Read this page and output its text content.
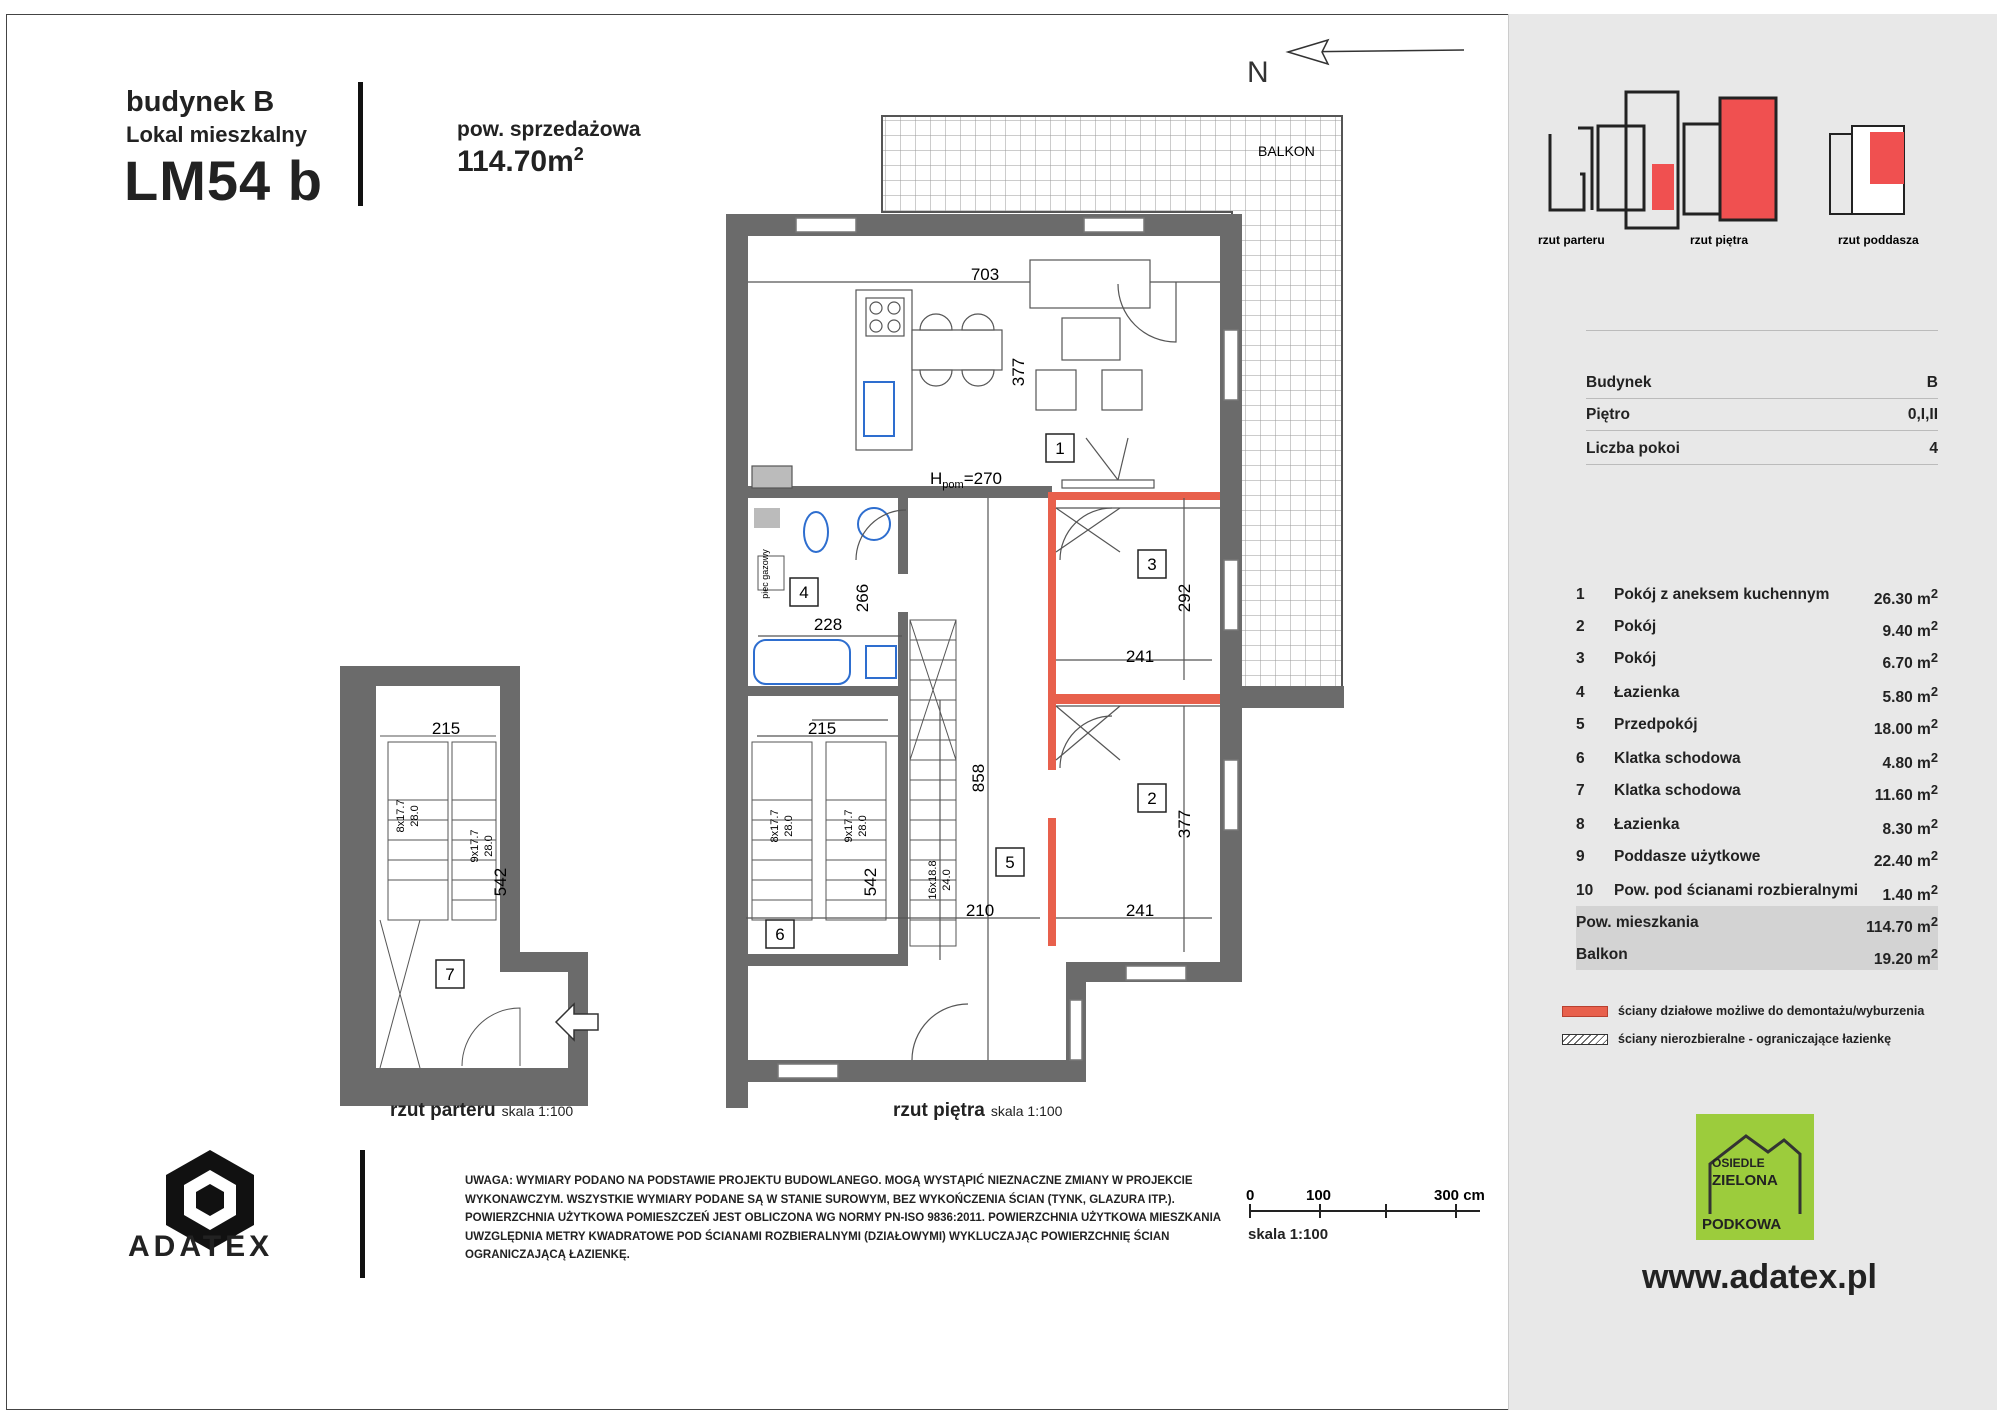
budynek B
Lokal mieszkalny
LM54 b
pow. sprzedażowa
$114.70m^2$
N
BALKON
1
2
3
4
5
6
7
703
377
$H_{pom}=270$
292
241
241
377
228
266
858
210
215	215
542	542
8x17.7 28.0
9x17.7 28.0
8x17.7 28.0	9x17.7 28.0
16x18.8 24.0
piec gazowy
0	100	300 cm
rzut parteru skala 1:100	rzut piętra skala 1:100
ADATEX
UWAGA: WYMIARY PODANO NA PODSTAWIE PROJEKTU BUDOWLANEGO. MOGĄ WYSTĄPIĆ NIEZNACZNE ZMIANY W PROJEKCIE WYKONAWCZYM. WSZYSTKIE WYMIARY PODANE SĄ W STANIE SUROWYM, BEZ WYKOŃCZENIA ŚCIAN (TYNK, GLAZURA ITP.). POWIERZCHNIA UŻYTKOWA POMIESZCZEŃ JEST OBLICZONA WG NORMY PN-ISO 9836:2011. POWIERZCHNIA UŻYTKOWA MIESZKANIA UWZGLĘDNIA METRY KWADRATOWE POD ŚCIANAMI ROZBIERALNYMI (DZIAŁOWYMI) WYKLUCZAJĄC POWIERZCHNIĘ ŚCIAN OGRANICZAJĄCĄ ŁAZIENKĘ.
skala 1:100
rzut parteru	rzut piętra	rzut poddasza
Budynek	B
Piętro	0,I,II
Liczba pokoi	4
1 Pokój z aneksem kuchennym	26.30 $m^2$
2 Pokój	9.40 $m^2$
3 Pokój	6.70 $m^2$
4 Łazienka	5.80 $m^2$
5 Przedpokój	18.00 $m^2$
6 Klatka schodowa	4.80 $m^2$
7 Klatka schodowa	11.60 $m^2$
8 Łazienka	8.30 $m^2$
9 Poddasze użytkowe	22.40 $m^2$
10 Pow. pod ścianami rozbieralnymi 1.40 $m^2$
Pow. mieszkania	114.70 $m^2$
Balkon	19.20 $m^2$
ściany działowe możliwe do demontażu/wyburzenia
ściany nierozbieralne - ograniczające łazienkę
OSIEDLE
ZIELONA
PODKOWA
www.adatex.pl
